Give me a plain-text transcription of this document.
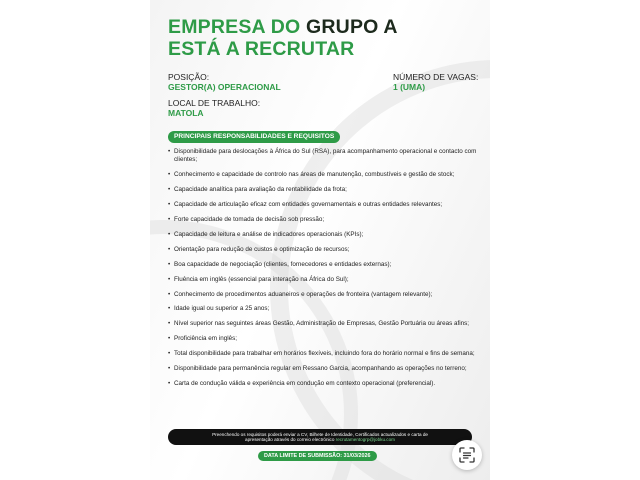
EMPRESA DO GRUPO A
ESTÁ A RECRUTAR
POSIÇÃO:
GESTOR(A) OPERACIONAL
NÚMERO DE VAGAS:
1 (UMA)
LOCAL DE TRABALHO:
MATOLA
PRINCIPAIS RESPONSABILIDADES E REQUISITOS
• Disponibilidade para deslocações à África do Sul (RSA), para acompanhamento operacional e contacto com clientes;
• Conhecimento e capacidade de controlo nas áreas de manutenção, combustíveis e gestão de stock;
• Capacidade analítica para avaliação da rentabilidade da frota;
• Capacidade de articulação eficaz com entidades governamentais e outras entidades relevantes;
• Forte capacidade de tomada de decisão sob pressão;
• Capacidade de leitura e análise de indicadores operacionais (KPIs);
• Orientação para redução de custos e optimização de recursos;
• Boa capacidade de negociação (clientes, fornecedores e entidades externas);
• Fluência em inglês (essencial para interação na África do Sul);
• Conhecimento de procedimentos aduaneiros e operações de fronteira (vantagem relevante);
• Idade igual ou superior a 25 anos;
• Nível superior nas seguintes áreas Gestão, Administração de Empresas, Gestão Portuária ou áreas afins;
• Proficiência em inglês;
• Total disponibilidade para trabalhar em horários flexíveis, incluindo fora do horário normal e fins de semana;
• Disponibilidade para permanência regular em Ressano Garcia, acompanhando as operações no terreno;
• Carta de condução válida e experiência em condução em contexto operacional (preferencial).
Preenchendo os requisitos poderá enviar a CV, Bilhete de Identidade, Certificados actualizados e carta de
apresentação através do correio electrónico recrutamentogrp@jobku.com
DATA LIMITE DE SUBMISSÃO: 31/03/2026
